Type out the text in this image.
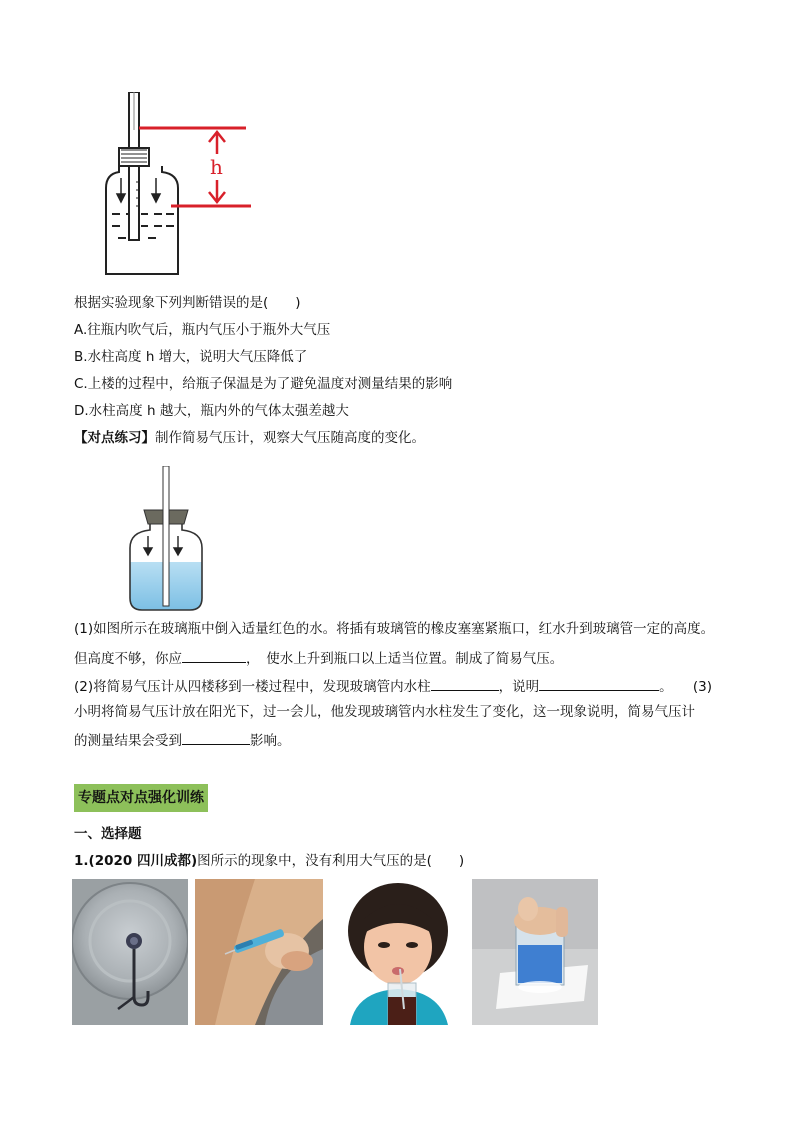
h
根据实验现象下列判断错误的是(　　)
A.往瓶内吹气后，瓶内气压小于瓶外大气压
B.水柱高度 h 增大，说明大气压降低了
C.上楼的过程中，给瓶子保温是为了避免温度对测量结果的影响
D.水柱高度 h 越大，瓶内外的气体太强差越大
【对点练习】制作简易气压计，观察大气压随高度的变化。
(1)如图所示在玻璃瓶中倒入适量红色的水。将插有玻璃管的橡皮塞塞紧瓶口，红水升到玻璃管一定的高度。
但高度不够，你应	，　使水上升到瓶口以上适当位置。制成了简易气压。
(2)将简易气压计从四楼移到一楼过程中，发现玻璃管内水柱	，说明	。　　(3)
小明将简易气压计放在阳光下，过一会儿，他发现玻璃管内水柱发生了变化，这一现象说明，简易气压计
的测量结果会受到	影响。
专题点对点强化训练
一、选择题
1.(2020 四川成都)图所示的现象中，没有利用大气压的是(　　)
